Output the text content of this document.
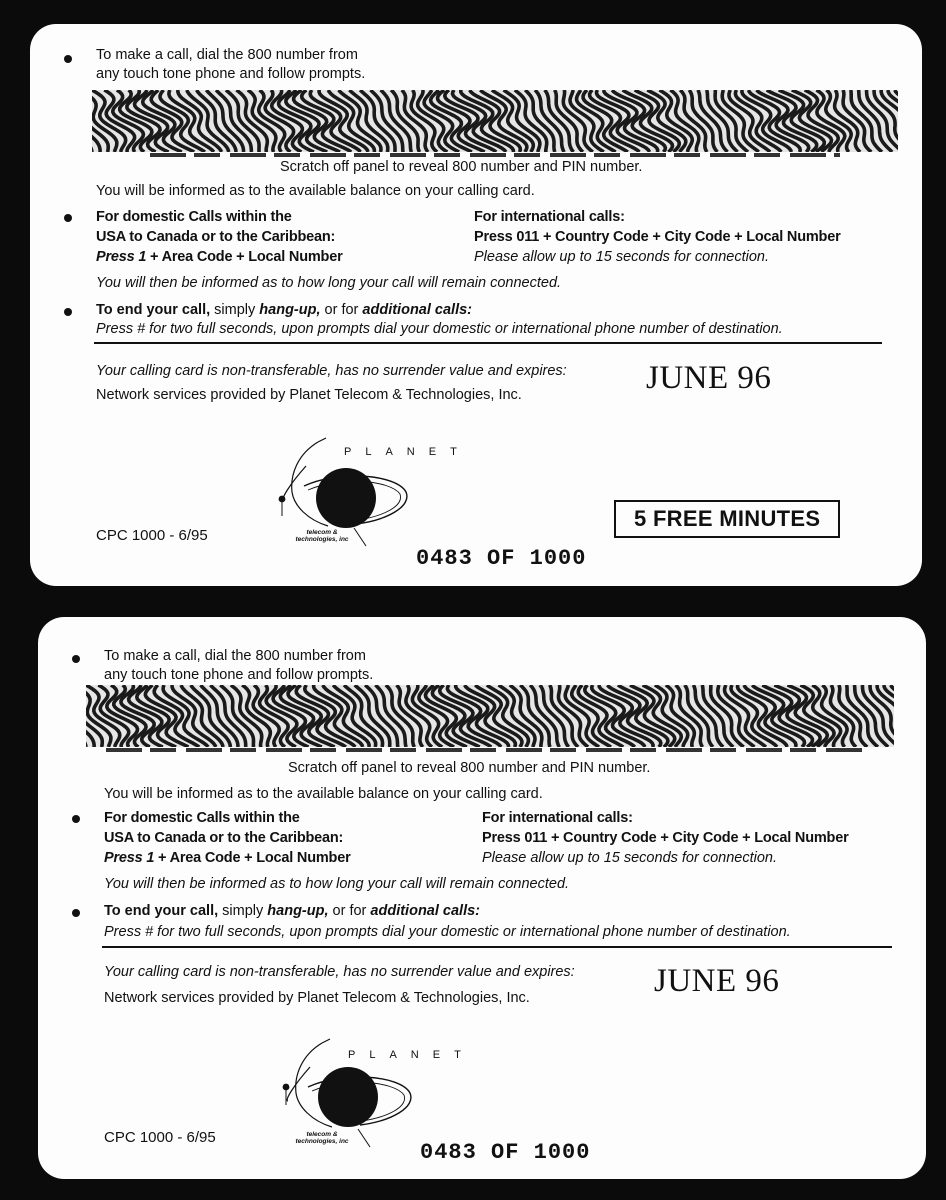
To make a call, dial the 800 number from
any touch tone phone and follow prompts.
Scratch off panel to reveal 800 number and PIN number.
You will be informed as to the available balance on your calling card.
For domestic Calls within the
USA to Canada or to the Caribbean:
Press 1 + Area Code + Local Number
For international calls:
Press 011 + Country Code + City Code + Local Number
Please allow up to 15 seconds for connection.
You will then be informed as to how long your call will remain connected.
To end your call, simply hang-up, or for additional calls:
Press # for two full seconds, upon prompts dial your domestic or international phone number of destination.
Your calling card is non-transferable, has no surrender value and expires:
Network services provided by Planet Telecom & Technologies, Inc.	JUNE 96
PLANET
telecom &
technologies, inc
CPC 1000 - 6/95
0483 OF 1000
5 FREE MINUTES
To make a call, dial the 800 number from
any touch tone phone and follow prompts.
Scratch off panel to reveal 800 number and PIN number.
You will be informed as to the available balance on your calling card.
For domestic Calls within the
USA to Canada or to the Caribbean:
Press 1 + Area Code + Local Number
For international calls:
Press 011 + Country Code + City Code + Local Number
Please allow up to 15 seconds for connection.
You will then be informed as to how long your call will remain connected.
To end your call, simply hang-up, or for additional calls:
Press # for two full seconds, upon prompts dial your domestic or international phone number of destination.
Your calling card is non-transferable, has no surrender value and expires:
Network services provided by Planet Telecom & Technologies, Inc.	JUNE 96
PLANET
telecom &
technologies, inc
CPC 1000 - 6/95
0483 OF 1000
